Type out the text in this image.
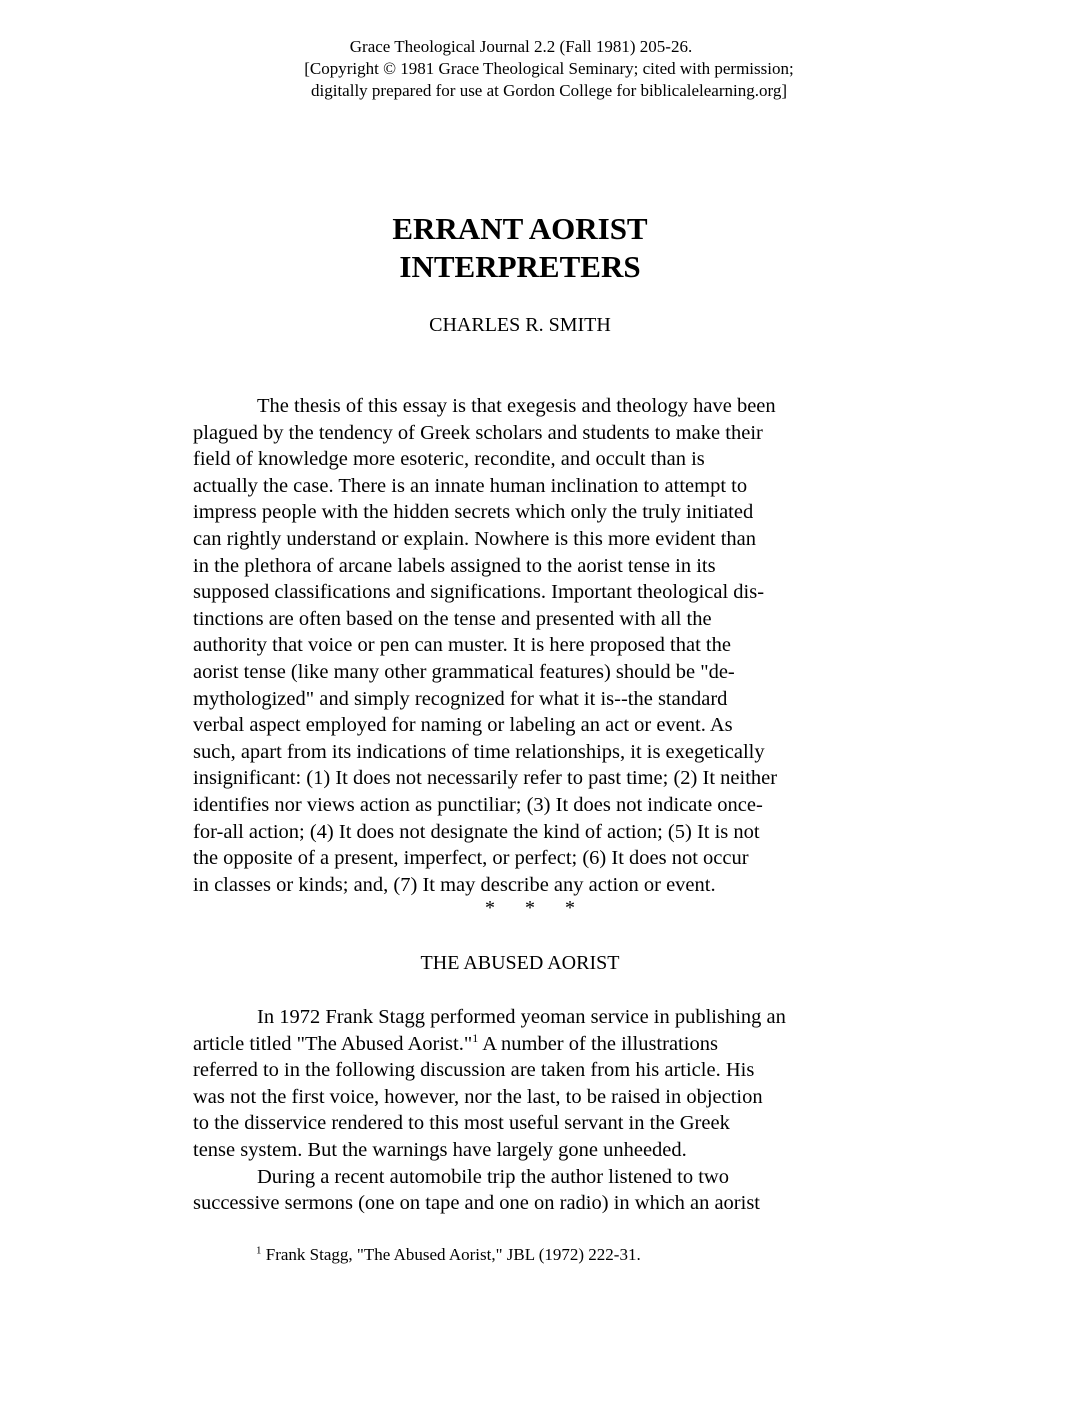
Grace Theological Journal 2.2 (Fall 1981) 205-26.
[Copyright © 1981 Grace Theological Seminary; cited with permission;
digitally prepared for use at Gordon College for biblicalelearning.org]
ERRANT AORIST
INTERPRETERS
CHARLES R. SMITH
The thesis of this essay is that exegesis and theology have been
plagued by the tendency of Greek scholars and students to make their
field of knowledge more esoteric, recondite, and occult than is
actually the case. There is an innate human inclination to attempt to
impress people with the hidden secrets which only the truly initiated
can rightly understand or explain. Nowhere is this more evident than
in the plethora of arcane labels assigned to the aorist tense in its
supposed classifications and significations. Important theological dis-
tinctions are often based on the tense and presented with all the
authority that voice or pen can muster. It is here proposed that the
aorist tense (like many other grammatical features) should be "de-
mythologized" and simply recognized for what it is--the standard
verbal aspect employed for naming or labeling an act or event. As
such, apart from its indications of time relationships, it is exegetically
insignificant: (1) It does not necessarily refer to past time; (2) It neither
identifies nor views action as punctiliar; (3) It does not indicate once-
for-all action; (4) It does not designate the kind of action; (5) It is not
the opposite of a present, imperfect, or perfect; (6) It does not occur
in classes or kinds; and, (7) It may describe any action or event.
* * *
THE ABUSED AORIST
In 1972 Frank Stagg performed yeoman service in publishing an
article titled "The Abused Aorist."$^1$ A number of the illustrations
referred to in the following discussion are taken from his article. His
was not the first voice, however, nor the last, to be raised in objection
to the disservice rendered to this most useful servant in the Greek
tense system. But the warnings have largely gone unheeded.
During a recent automobile trip the author listened to two
successive sermons (one on tape and one on radio) in which an aorist
$^1$ Frank Stagg, "The Abused Aorist," JBL (1972) 222-31.
